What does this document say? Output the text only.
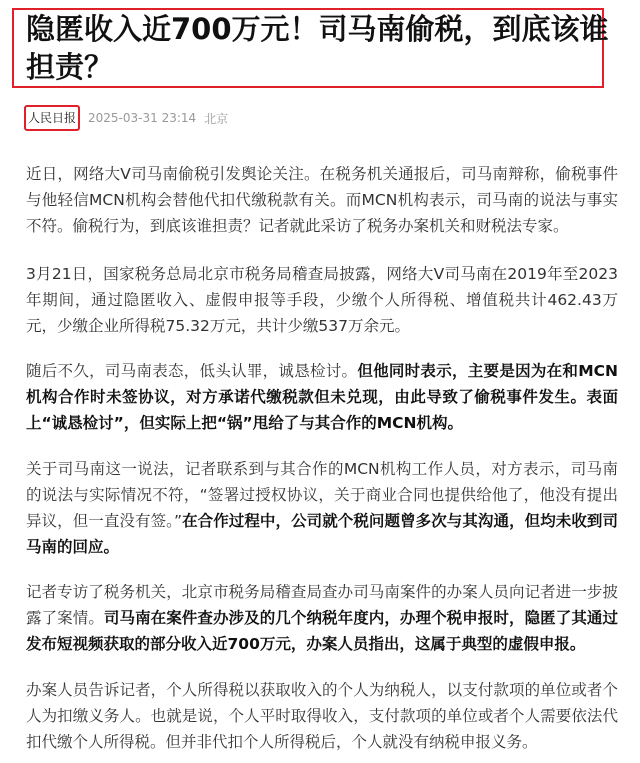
隐匿收入近700万元！司马南偷税，到底该谁担责？
人民日报	2025-03-31 23:14 北京

近日，网络大V司马南偷税引发舆论关注。在税务机关通报后，司马南辩称，偷税事件与他轻信MCN机构会替他代扣代缴税款有关。而MCN机构表示，司马南的说法与事实不符。偷税行为，到底该谁担责？记者就此采访了税务办案机关和财税法专家。

3月21日，国家税务总局北京市税务局稽查局披露，网络大V司马南在2019年至2023年期间，通过隐匿收入、虚假申报等手段，少缴个人所得税、增值税共计462.43万元，少缴企业所得税75.32万元，共计少缴537万余元。

随后不久，司马南表态，低头认罪，诚恳检讨。但他同时表示，主要是因为在和MCN机构合作时未签协议，对方承诺代缴税款但未兑现，由此导致了偷税事件发生。表面上“诚恳检讨”，但实际上把“锅”甩给了与其合作的MCN机构。

关于司马南这一说法，记者联系到与其合作的MCN机构工作人员，对方表示，司马南的说法与实际情况不符，“签署过授权协议，关于商业合同也提供给他了，他没有提出异议，但一直没有签。”在合作过程中，公司就个税问题曾多次与其沟通，但均未收到司马南的回应。

记者专访了税务机关，北京市税务局稽查局查办司马南案件的办案人员向记者进一步披露了案情。司马南在案件查办涉及的几个纳税年度内，办理个税申报时，隐匿了其通过发布短视频获取的部分收入近700万元，办案人员指出，这属于典型的虚假申报。

办案人员告诉记者，个人所得税以获取收入的个人为纳税人，以支付款项的单位或者个人为扣缴义务人。也就是说，个人平时取得收入，支付款项的单位或者个人需要依法代扣代缴个人所得税。但并非代扣个人所得税后，个人就没有纳税申报义务。
